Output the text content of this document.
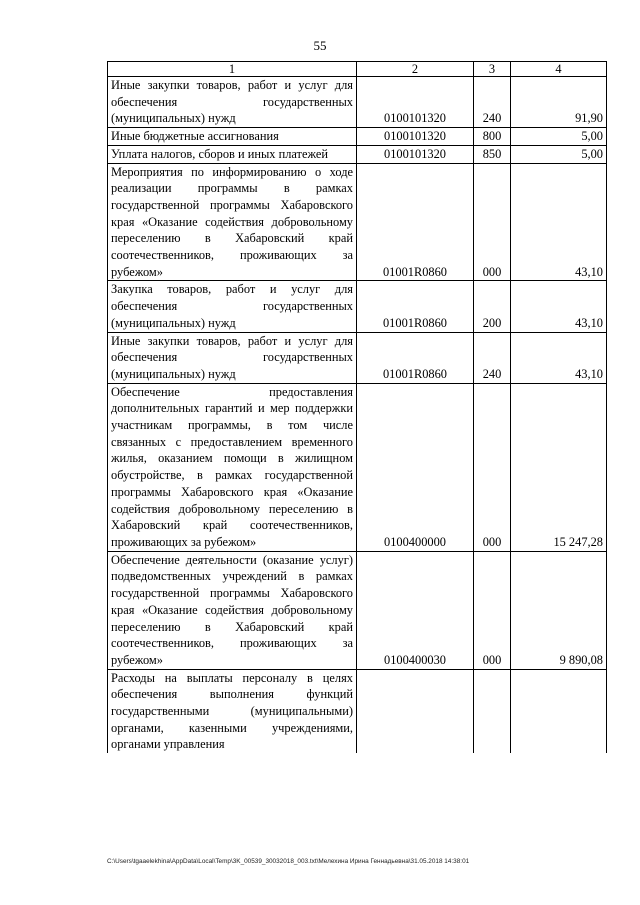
55
1	2	3	4
Иные закупки товаров, работ и услуг для обеспечения государственных (муниципальных) нужд	0100101320	240	91,90
Иные бюджетные ассигнования	0100101320	800	5,00
Уплата налогов, сборов и иных платежей	0100101320	850	5,00
Мероприятия по информированию о ходе реализации программы в рамках государственной программы Хабаровского края «Оказание содействия добровольному переселению в Хабаровский край соотечественников, проживающих за рубежом»	01001R0860	000	43,10
Закупка товаров, работ и услуг для обеспечения государственных (муниципальных) нужд	01001R0860	200	43,10
Иные закупки товаров, работ и услуг для обеспечения государственных (муниципальных) нужд	01001R0860	240	43,10
Обеспечение предоставления дополнительных гарантий и мер поддержки участникам программы, в том числе связанных с предоставлением временного жилья, оказанием помощи в жилищном обустройстве, в рамках государственной программы Хабаровского края «Оказание содействия добровольному переселению в Хабаровский край соотечественников, проживающих за рубежом»	0100400000	000	15 247,28
Обеспечение деятельности (оказание услуг) подведомственных учреждений в рамках государственной программы Хабаровского края «Оказание содействия добровольному переселению в Хабаровский край соотечественников, проживающих за рубежом»	0100400030	000	9 890,08
Расходы на выплаты персоналу в целях обеспечения выполнения функций государственными (муниципальными) органами, казенными учреждениями, органами управления			
C:\Users\tgaaelekhina\AppData\Local\Temp\3K_00539_30032018_003.txt\Мелехина Ирина Геннадьевна\31.05.2018 14:38:01
